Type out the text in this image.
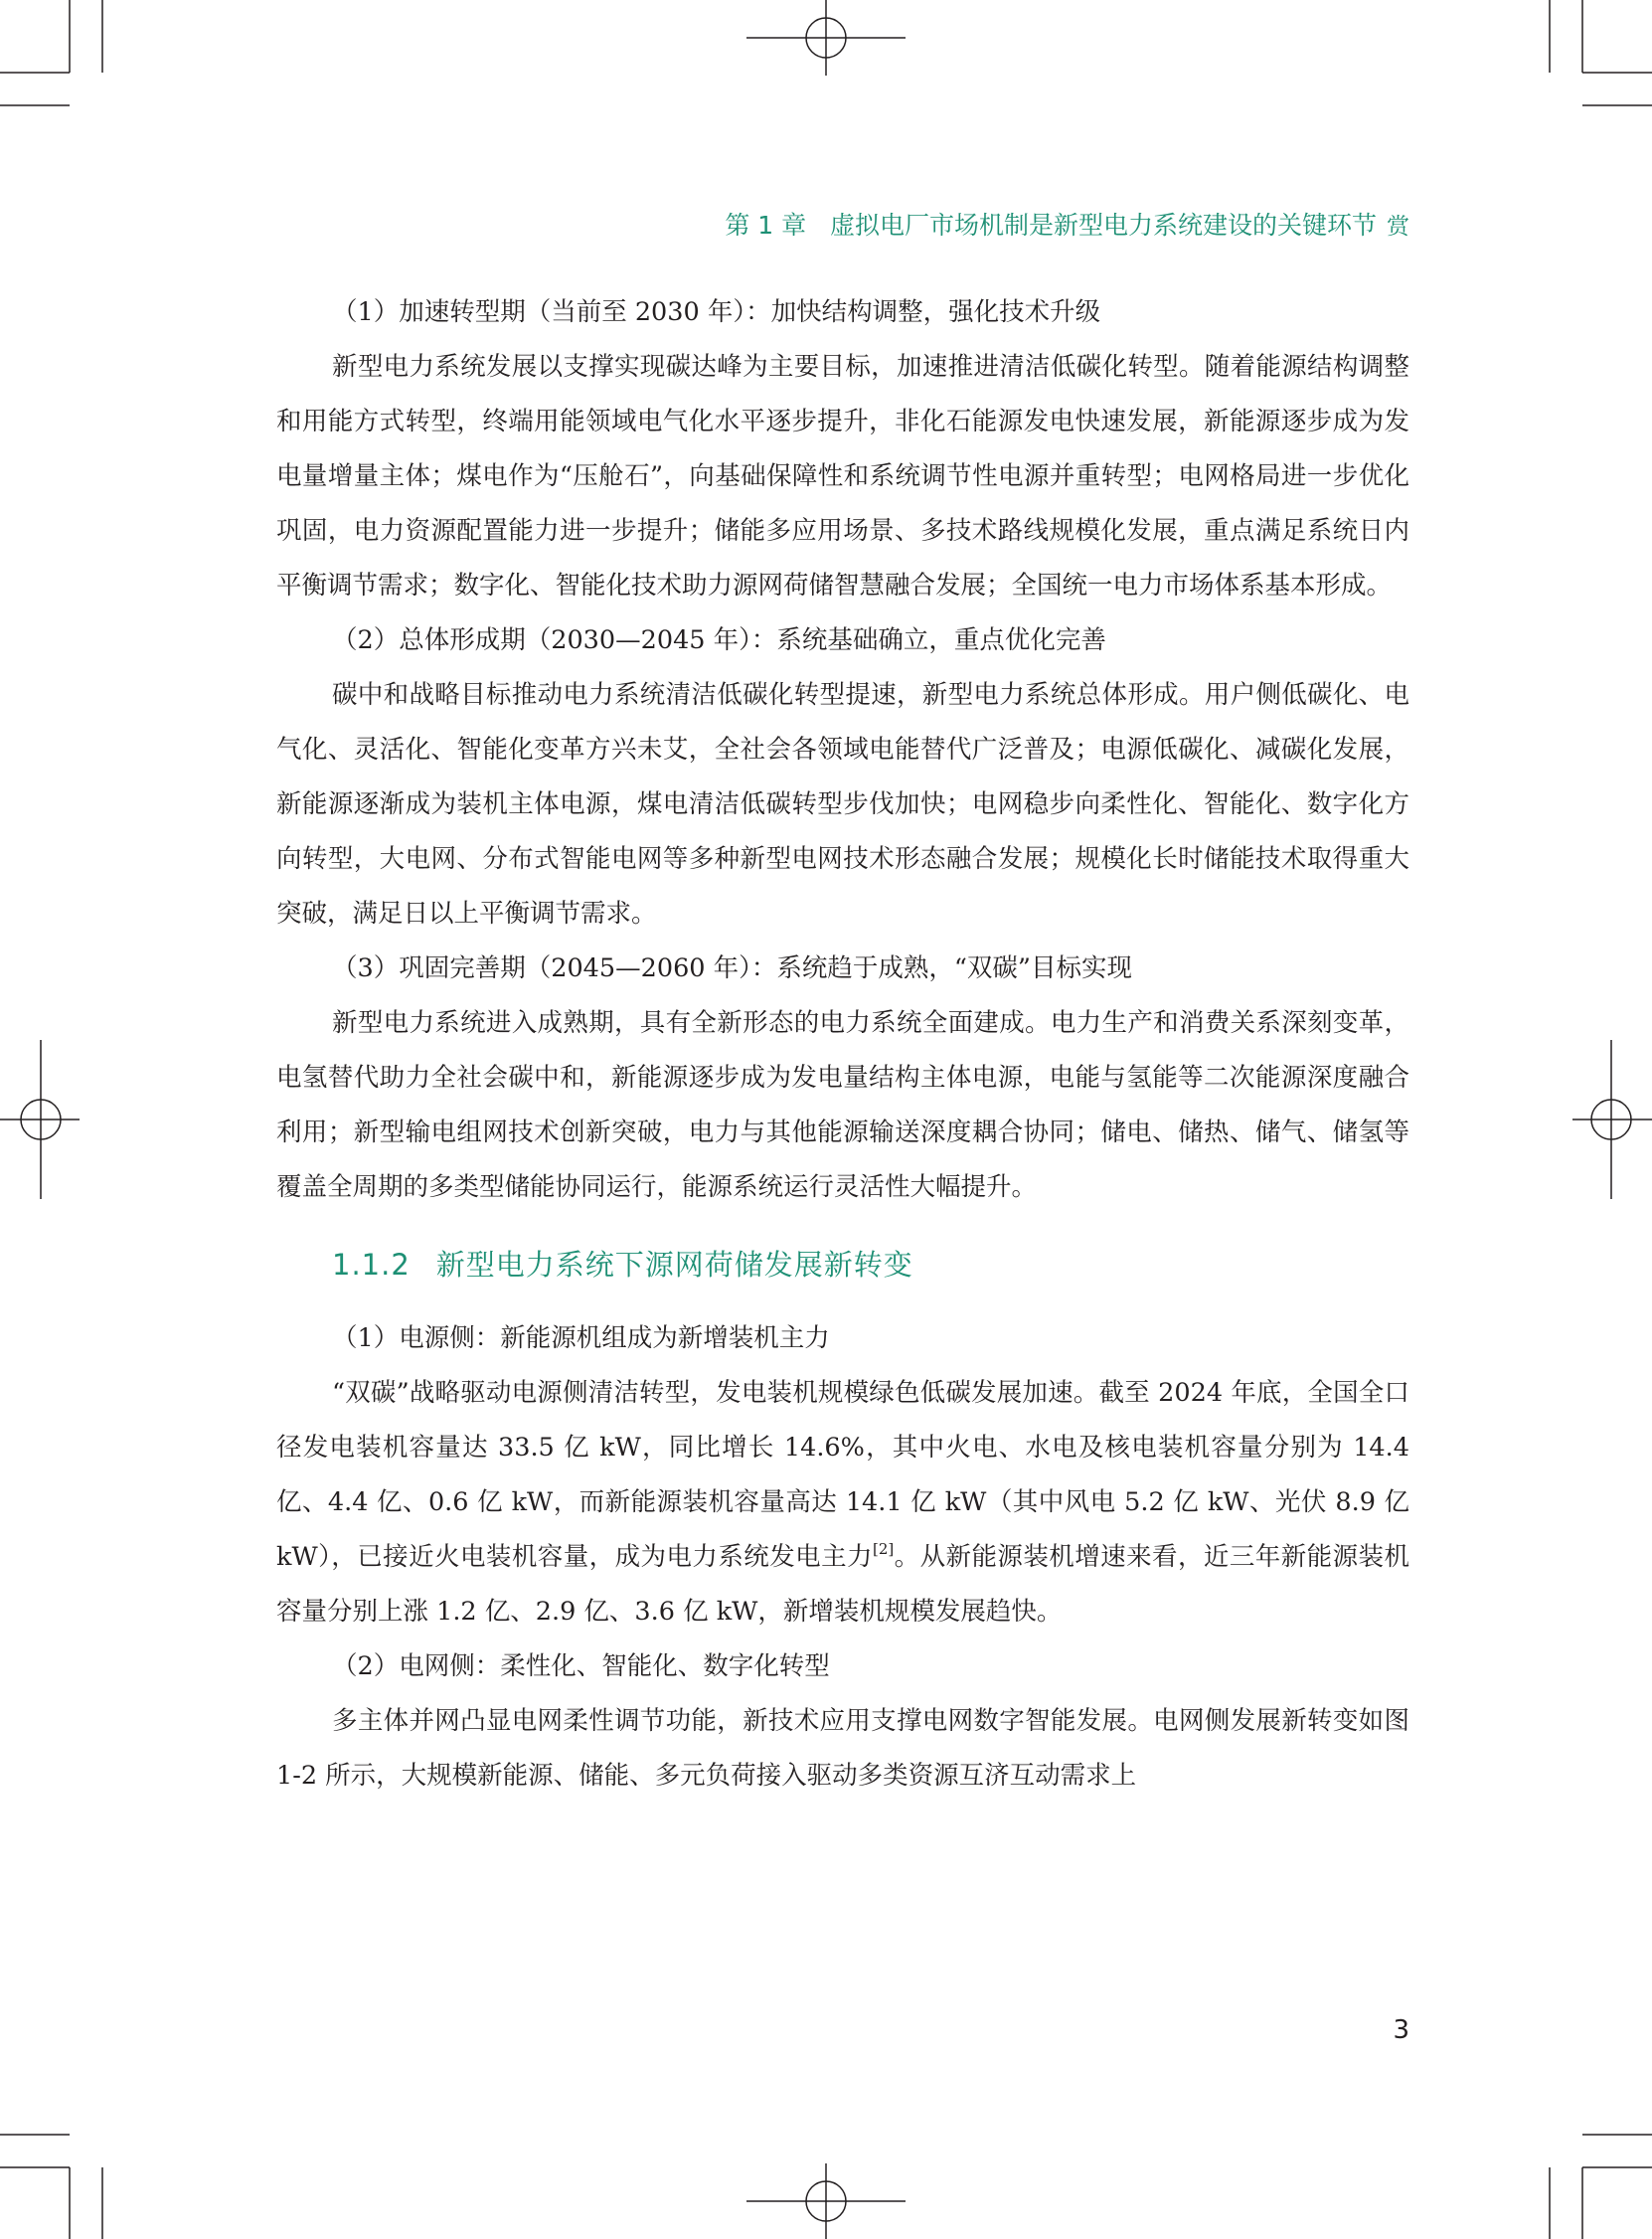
第 1 章 虚拟电厂市场机制是新型电力系统建设的关键环节 赏

（1）加速转型期（当前至 2030 年）：加快结构调整，强化技术升级

新型电力系统发展以支撑实现碳达峰为主要目标，加速推进清洁低碳化转型。随着能源结构调整和用能方式转型，终端用能领域电气化水平逐步提升，非化石能源发电快速发展，新能源逐步成为发电量增量主体；煤电作为“压舱石”，向基础保障性和系统调节性电源并重转型；电网格局进一步优化巩固，电力资源配置能力进一步提升；储能多应用场景、多技术路线规模化发展，重点满足系统日内平衡调节需求；数字化、智能化技术助力源网荷储智慧融合发展；全国统一电力市场体系基本形成。

（2）总体形成期（2030—2045 年）：系统基础确立，重点优化完善

碳中和战略目标推动电力系统清洁低碳化转型提速，新型电力系统总体形成。用户侧低碳化、电气化、灵活化、智能化变革方兴未艾，全社会各领域电能替代广泛普及；电源低碳化、减碳化发展，新能源逐渐成为装机主体电源，煤电清洁低碳转型步伐加快；电网稳步向柔性化、智能化、数字化方向转型，大电网、分布式智能电网等多种新型电网技术形态融合发展；规模化长时储能技术取得重大突破，满足日以上平衡调节需求。

（3）巩固完善期（2045—2060 年）：系统趋于成熟，“双碳”目标实现

新型电力系统进入成熟期，具有全新形态的电力系统全面建成。电力生产和消费关系深刻变革，电氢替代助力全社会碳中和，新能源逐步成为发电量结构主体电源，电能与氢能等二次能源深度融合利用；新型输电组网技术创新突破，电力与其他能源输送深度耦合协同；储电、储热、储气、储氢等覆盖全周期的多类型储能协同运行，能源系统运行灵活性大幅提升。

1.1.2 新型电力系统下源网荷储发展新转变

（1）电源侧：新能源机组成为新增装机主力

“双碳”战略驱动电源侧清洁转型，发电装机规模绿色低碳发展加速。截至 2024 年底，全国全口径发电装机容量达 33.5 亿 kW，同比增长 14.6%，其中火电、水电及核电装机容量分别为 14.4 亿、4.4 亿、0.6 亿 kW，而新能源装机容量高达 14.1 亿 kW（其中风电 5.2 亿 kW、光伏 8.9 亿 kW），已接近火电装机容量，成为电力系统发电主力[2]。从新能源装机增速来看，近三年新能源装机容量分别上涨 1.2 亿、2.9 亿、3.6 亿 kW，新增装机规模发展趋快。

（2）电网侧：柔性化、智能化、数字化转型

多主体并网凸显电网柔性调节功能，新技术应用支撑电网数字智能发展。电网侧发展新转变如图 1-2 所示，大规模新能源、储能、多元负荷接入驱动多类资源互济互动需求上

3
